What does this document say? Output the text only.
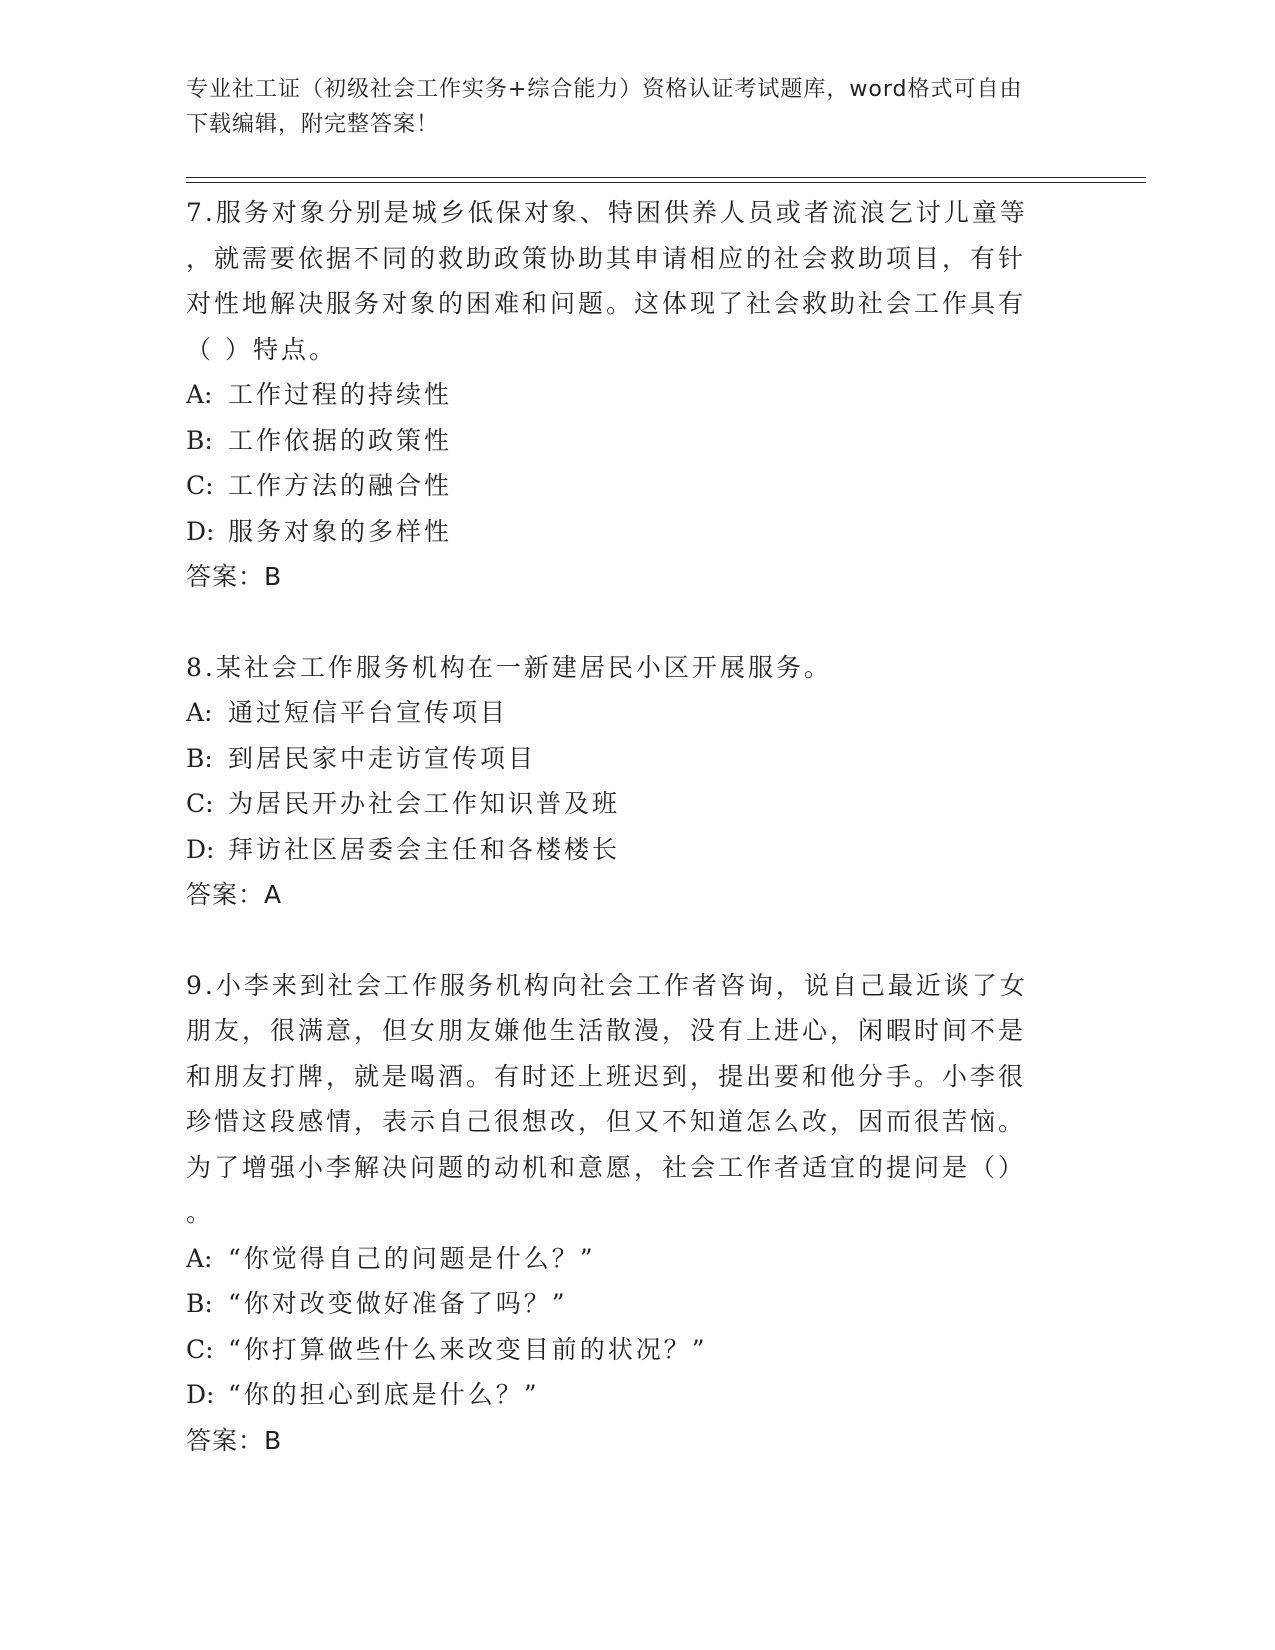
专业社工证（初级社会工作实务+综合能力）资格认证考试题库，word格式可自由
下载编辑，附完整答案！
7.服务对象分别是城乡低保对象、特困供养人员或者流浪乞讨儿童等
，就需要依据不同的救助政策协助其申请相应的社会救助项目，有针
对性地解决服务对象的困难和问题。这体现了社会救助社会工作具有
（ ）特点。
A: 工作过程的持续性
B: 工作依据的政策性
C: 工作方法的融合性
D: 服务对象的多样性
答案：B
8.某社会工作服务机构在一新建居民小区开展服务。
A: 通过短信平台宣传项目
B: 到居民家中走访宣传项目
C: 为居民开办社会工作知识普及班
D: 拜访社区居委会主任和各楼楼长
答案：A
9.小李来到社会工作服务机构向社会工作者咨询，说自己最近谈了女
朋友，很满意，但女朋友嫌他生活散漫，没有上进心，闲暇时间不是
和朋友打牌，就是喝酒。有时还上班迟到，提出要和他分手。小李很
珍惜这段感情，表示自己很想改，但又不知道怎么改，因而很苦恼。
为了增强小李解决问题的动机和意愿，社会工作者适宜的提问是（）
。
A: “你觉得自己的问题是什么？”
B: “你对改变做好准备了吗？”
C: “你打算做些什么来改变目前的状况？”
D: “你的担心到底是什么？”
答案：B
